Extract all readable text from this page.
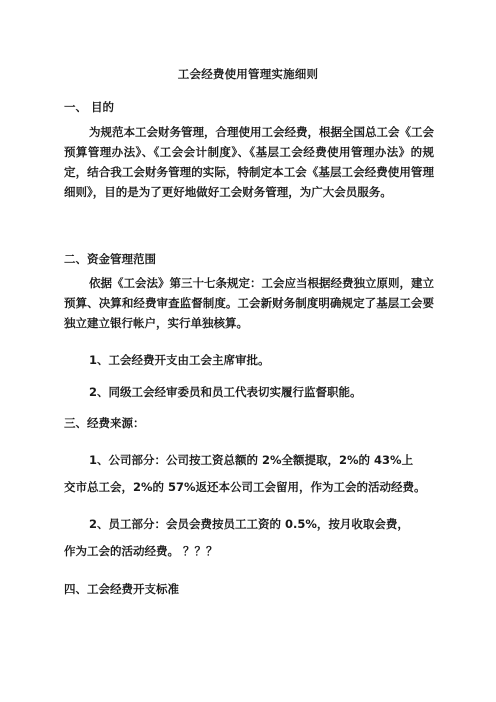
工会经费使用管理实施细则
一、 目的
为规范本工会财务管理，合理使用工会经费，根据全国总工会《工会预算管理办法》、《工会会计制度》、《基层工会经费使用管理办法》的规定，结合我工会财务管理的实际，特制定本工会《基层工会经费使用管理细则》，目的是为了更好地做好工会财务管理，为广大会员服务。
二、资金管理范围
依据《工会法》第三十七条规定：工会应当根据经费独立原则，建立预算、决算和经费审查监督制度。工会新财务制度明确规定了基层工会要独立建立银行帐户，实行单独核算。
1、工会经费开支由工会主席审批。
2、同级工会经审委员和员工代表切实履行监督职能。
三、经费来源：
1、公司部分：公司按工资总额的 2%全额提取，2%的 43%上
交市总工会，2%的 57%返还本公司工会留用，作为工会的活动经费。
2、员工部分：会员会费按员工工资的 0.5%，按月收取会费，
作为工会的活动经费。 ？？？
四、工会经费开支标准
